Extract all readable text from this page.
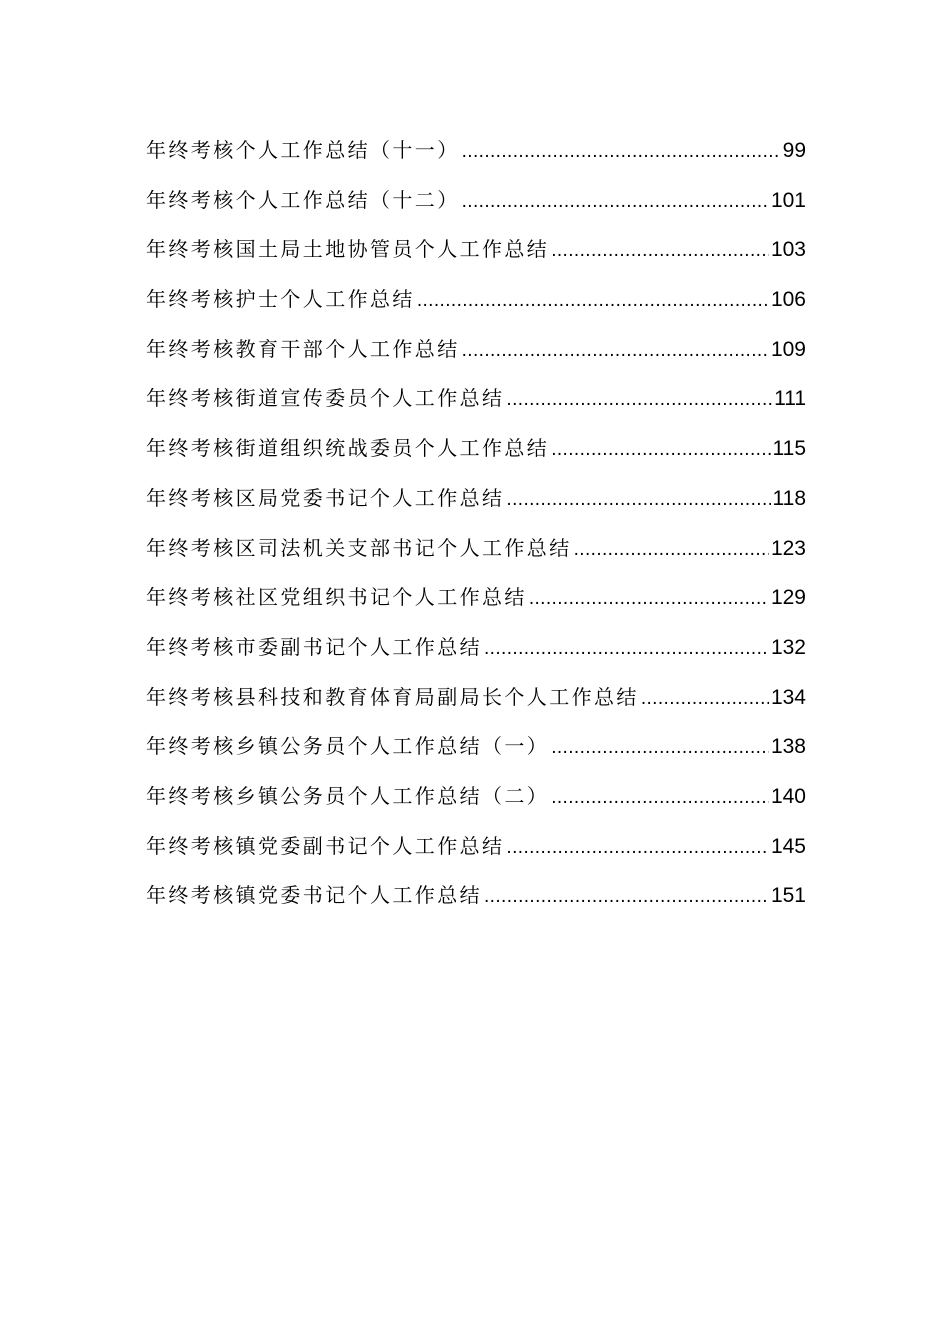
年终考核个人工作总结（十一） .....	99
年终考核个人工作总结（十二） .....	101
年终考核国土局土地协管员个人工作总结 .....	103
年终考核护士个人工作总结 .....	106
年终考核教育干部个人工作总结 .....	109
年终考核街道宣传委员个人工作总结 .....	111
年终考核街道组织统战委员个人工作总结 .....	115
年终考核区局党委书记个人工作总结 .....	118
年终考核区司法机关支部书记个人工作总结 .....	123
年终考核社区党组织书记个人工作总结 .....	129
年终考核市委副书记个人工作总结 .....	132
年终考核县科技和教育体育局副局长个人工作总结 .....	134
年终考核乡镇公务员个人工作总结（一） .....	138
年终考核乡镇公务员个人工作总结（二） .....	140
年终考核镇党委副书记个人工作总结 .....	145
年终考核镇党委书记个人工作总结 .....	151
